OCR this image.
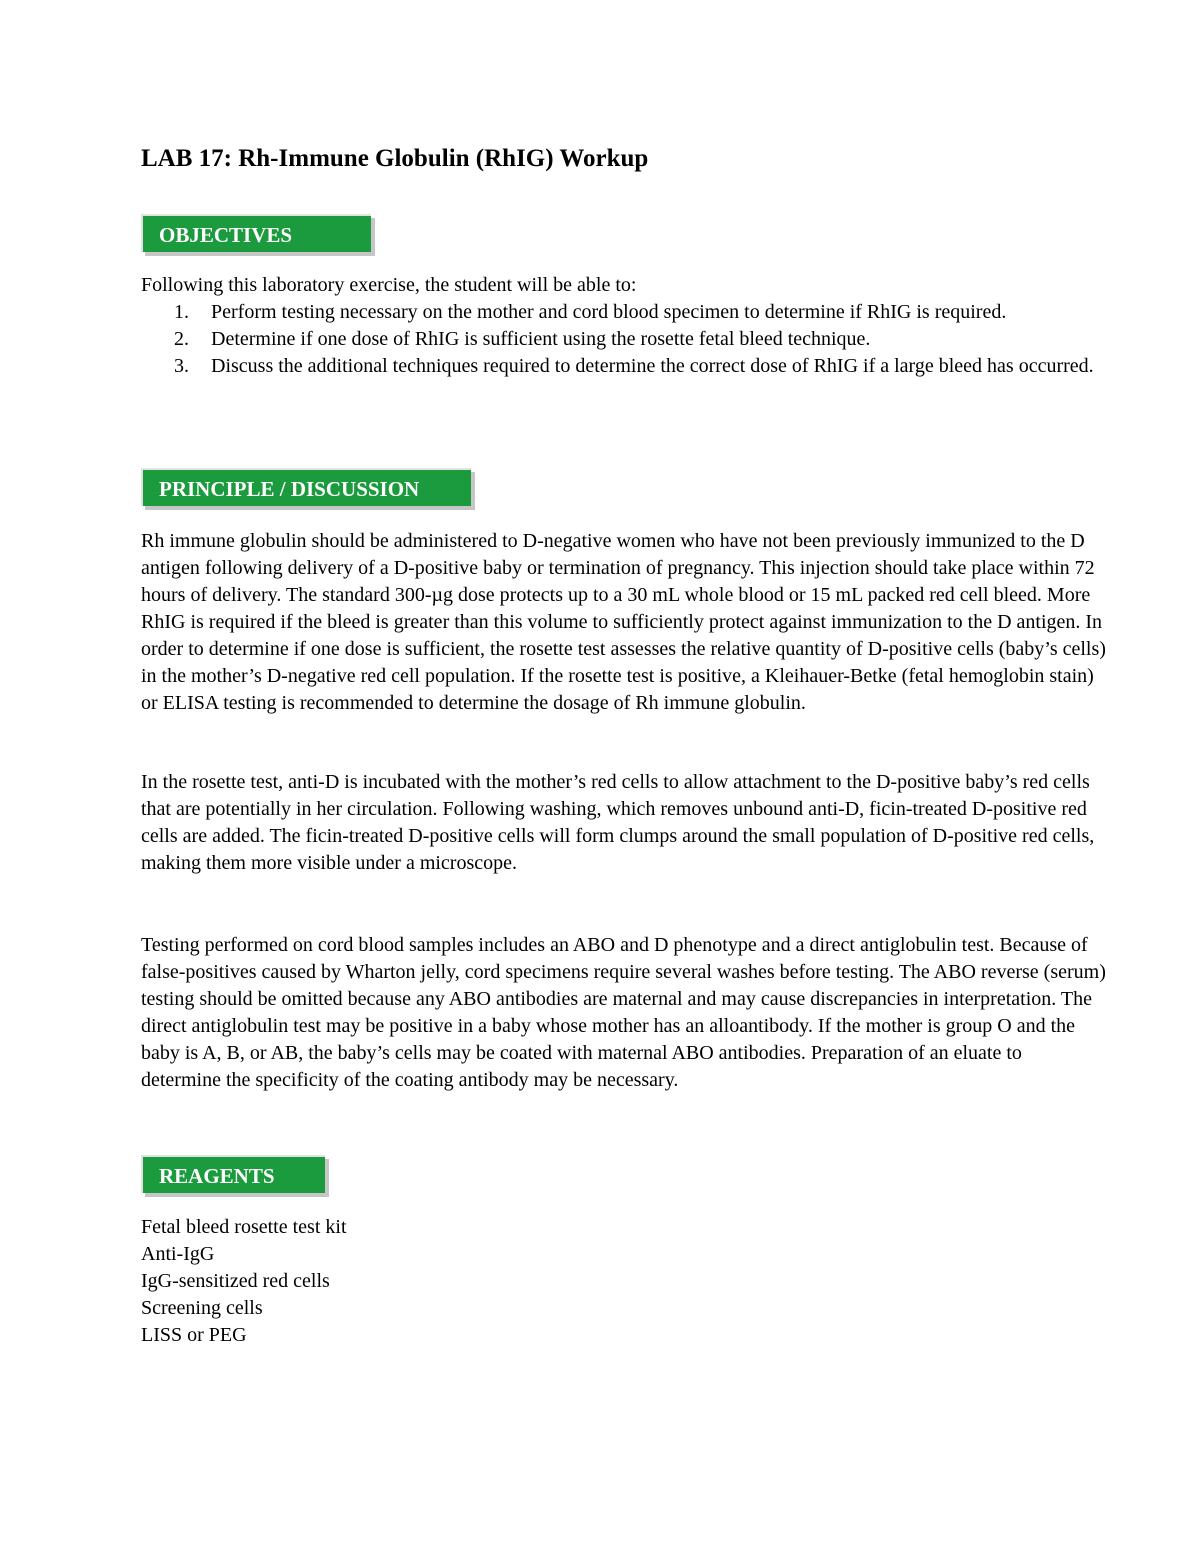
LAB 17: Rh-Immune Globulin (RhIG) Workup
OBJECTIVES

Following this laboratory exercise, the student will be able to:

1. Perform testing necessary on the mother and cord blood specimen to determine if RhIG is required.
2. Determine if one dose of RhIG is sufficient using the rosette fetal bleed technique.
3. Discuss the additional techniques required to determine the correct dose of RhIG if a large bleed has occurred.
PRINCIPLE / DISCUSSION

Rh immune globulin should be administered to D-negative women who have not been previously immunized to the D antigen following delivery of a D-positive baby or termination of pregnancy. This injection should take place within 72 hours of delivery. The standard 300-µg dose protects up to a 30 mL whole blood or 15 mL packed red cell bleed. More RhIG is required if the bleed is greater than this volume to sufficiently protect against immunization to the D antigen. In order to determine if one dose is sufficient, the rosette test assesses the relative quantity of D-positive cells (baby’s cells) in the mother’s D-negative red cell population. If the rosette test is positive, a Kleihauer-Betke (fetal hemoglobin stain) or ELISA testing is recommended to determine the dosage of Rh immune globulin.

In the rosette test, anti-D is incubated with the mother’s red cells to allow attachment to the D-positive baby’s red cells that are potentially in her circulation. Following washing, which removes unbound anti-D, ficin-treated D-positive red cells are added. The ficin-treated D-positive cells will form clumps around the small population of D-positive red cells, making them more visible under a microscope.

Testing performed on cord blood samples includes an ABO and D phenotype and a direct antiglobulin test. Because of false-positives caused by Wharton jelly, cord specimens require several washes before testing. The ABO reverse (serum) testing should be omitted because any ABO antibodies are maternal and may cause discrepancies in interpretation. The direct antiglobulin test may be positive in a baby whose mother has an alloantibody. If the mother is group O and the baby is A, B, or AB, the baby’s cells may be coated with maternal ABO antibodies. Preparation of an eluate to determine the specificity of the coating antibody may be necessary.

REAGENTS
Fetal bleed rosette test kit
Anti-IgG
IgG-sensitized red cells
Screening cells
LISS or PEG
